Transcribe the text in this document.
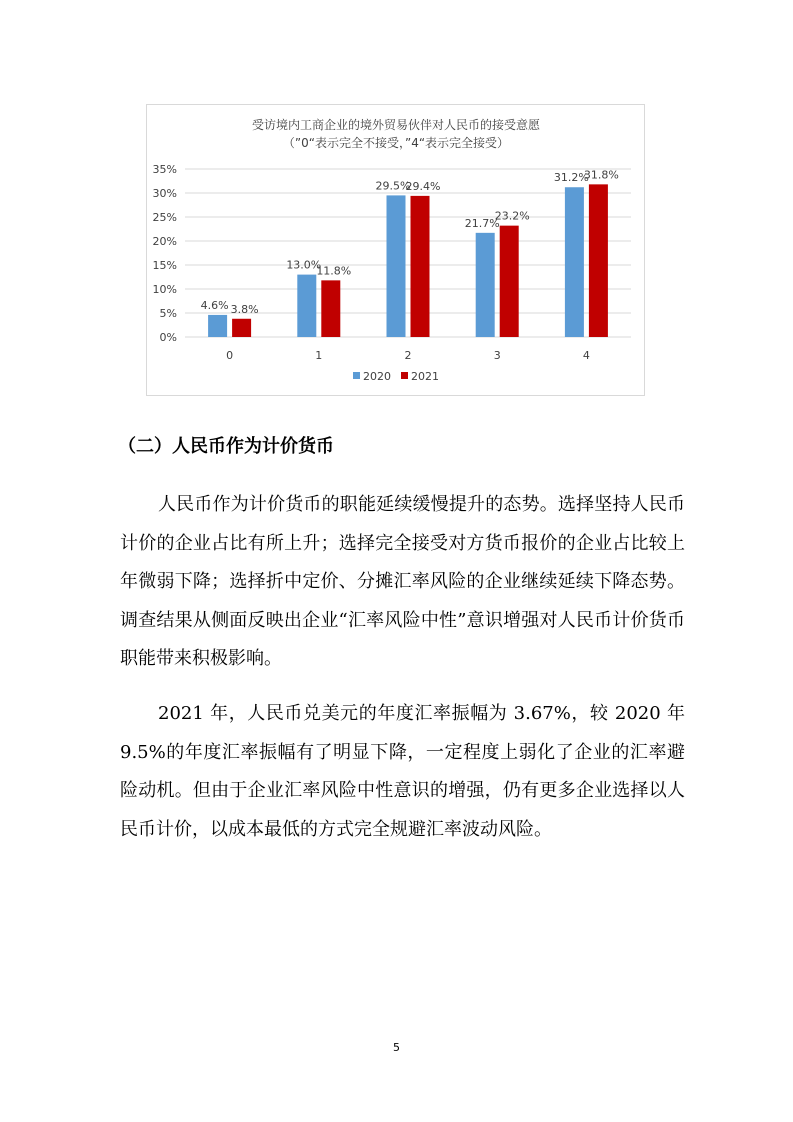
受访境内工商企业的境外贸易伙伴对人民币的接受意愿
（”0“表示完全不接受，”4“表示完全接受）
0%
5%
10%
15%
20%
25%
30%
35%
4.6% 3.8%
13.0%
11.8%
29.5%
29.4%
21.7%
23.2%
31.2%
31.8%
0	1	2	3	4
2020 2021
（二）人民币作为计价货币
人民币作为计价货币的职能延续缓慢提升的态势。选择坚持人民币计价的企业占比有所上升；选择完全接受对方货币报价的企业占比较上年微弱下降；选择折中定价、分摊汇率风险的企业继续延续下降态势。调查结果从侧面反映出企业“汇率风险中性”意识增强对人民币计价货币职能带来积极影响。
2021 年，人民币兑美元的年度汇率振幅为 3.67%，较 2020 年 9.5%的年度汇率振幅有了明显下降，一定程度上弱化了企业的汇率避险动机。但由于企业汇率风险中性意识的增强，仍有更多企业选择以人民币计价，以成本最低的方式完全规避汇率波动风险。
5
